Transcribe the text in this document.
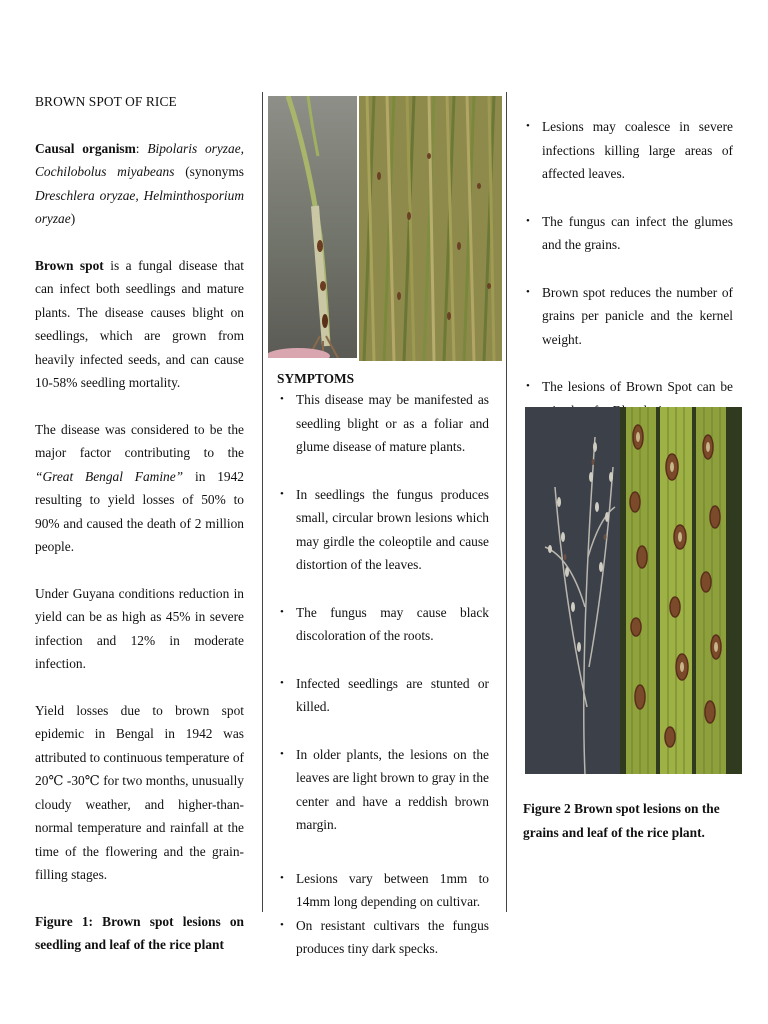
BROWN SPOT OF RICE

Causal organism: Bipolaris oryzae, Cochilobolus miyabeans (synonyms Dreschlera oryzae, Helminthosporium oryzae)

Brown spot is a fungal disease that can infect both seedlings and mature plants. The disease causes blight on seedlings, which are grown from heavily infected seeds, and can cause 10-58% seedling mortality.

The disease was considered to be the major factor contributing to the “Great Bengal Famine” in 1942 resulting to yield losses of 50% to 90% and caused the death of 2 million people.

Under Guyana conditions reduction in yield can be as high as 45% in severe infection and 12% in moderate infection.

Yield losses due to brown spot epidemic in Bengal in 1942 was attributed to continuous temperature of 20℃ -30℃ for two months, unusually cloudy weather, and higher-than-normal temperature and rainfall at the time of the flowering and the grain-filling stages.

Figure 1: Brown spot lesions on seedling and leaf of the rice plant

SYMPTOMS

• This disease may be manifested as seedling blight or as a foliar and glume disease of mature plants.
• In seedlings the fungus produces small, circular brown lesions which may girdle the coleoptile and cause distortion of the leaves.
• The fungus may cause black discoloration of the roots.
• Infected seedlings are stunted or killed.
• In older plants, the lesions on the leaves are light brown to gray in the center and have a reddish brown margin.
• Lesions vary between 1mm to 14mm long depending on cultivar.
• On resistant cultivars the fungus produces tiny dark specks.
• Lesions may coalesce in severe infections killing large areas of affected leaves.
• The fungus can infect the glumes and the grains.
• Brown spot reduces the number of grains per panicle and the kernel weight.
• The lesions of Brown Spot can be

Figure 2 Brown spot lesions on the grains and leaf of the rice plant.
